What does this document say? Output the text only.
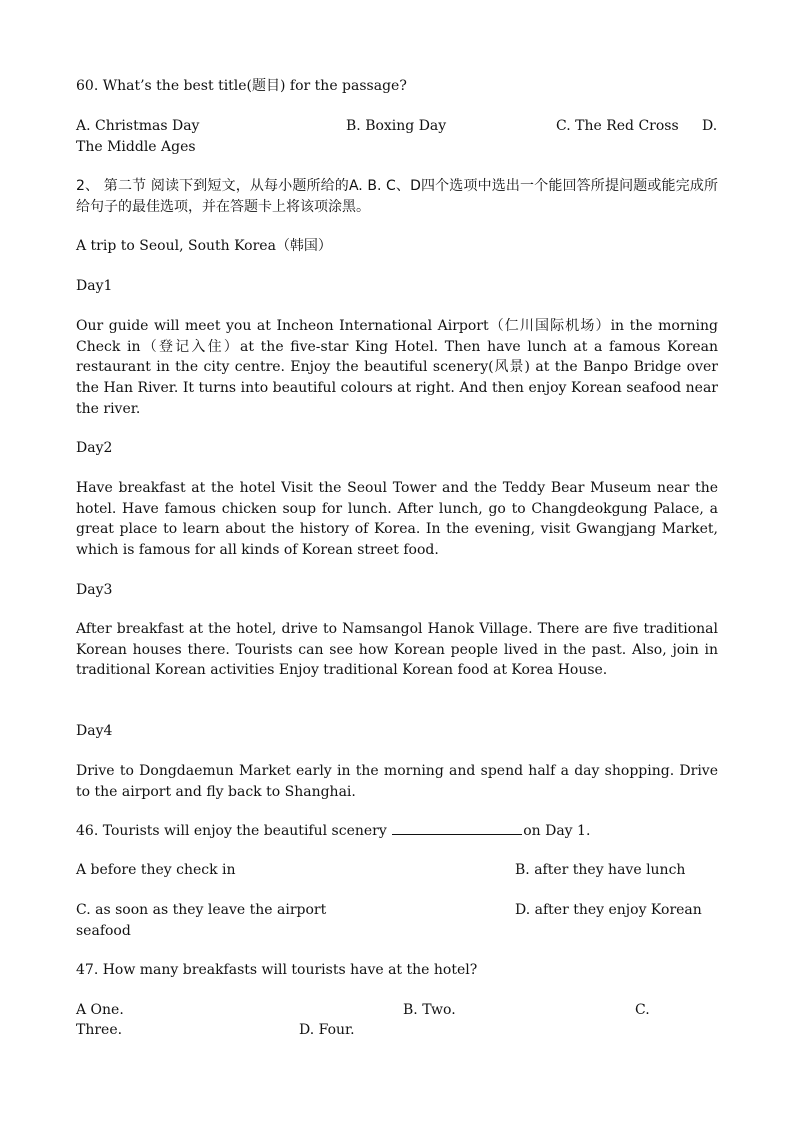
60. What’s the best title(题目) for the passage?
A. Christmas Day	B. Boxing Day	C. The Red Cross D.
The Middle Ages
2、 第二节 阅读下到短文，从每小题所给的A. B. C、D四个选项中选出一个能回答所提问题或能完成所给句子的最佳选项，并在答题卡上将该项涂黑。
A trip to Seoul, South Korea（韩国）
Day1
Our guide will meet you at Incheon International Airport（仁川国际机场）in the morning Check in（登记入住）at the five-star King Hotel. Then have lunch at a famous Korean restaurant in the city centre. Enjoy the beautiful scenery(风景) at the Banpo Bridge over the Han River. It turns into beautiful colours at right. And then enjoy Korean seafood near the river.
Day2
Have breakfast at the hotel Visit the Seoul Tower and the Teddy Bear Museum near the hotel. Have famous chicken soup for lunch. After lunch, go to Changdeokgung Palace, a great place to learn about the history of Korea. In the evening, visit Gwangjang Market, which is famous for all kinds of Korean street food.
Day3
After breakfast at the hotel, drive to Namsangol Hanok Village. There are five traditional Korean houses there. Tourists can see how Korean people lived in the past. Also, join in traditional Korean activities Enjoy traditional Korean food at Korea House.
Day4
Drive to Dongdaemun Market early in the morning and spend half a day shopping. Drive to the airport and fly back to Shanghai.
46. Tourists will enjoy the beautiful scenery	on Day 1.
A before they check in	B. after they have lunch
C. as soon as they leave the airport	D. after they enjoy Korean
seafood
47. How many breakfasts will tourists have at the hotel?
A One.	B. Two.	C.
Three.	D. Four.
